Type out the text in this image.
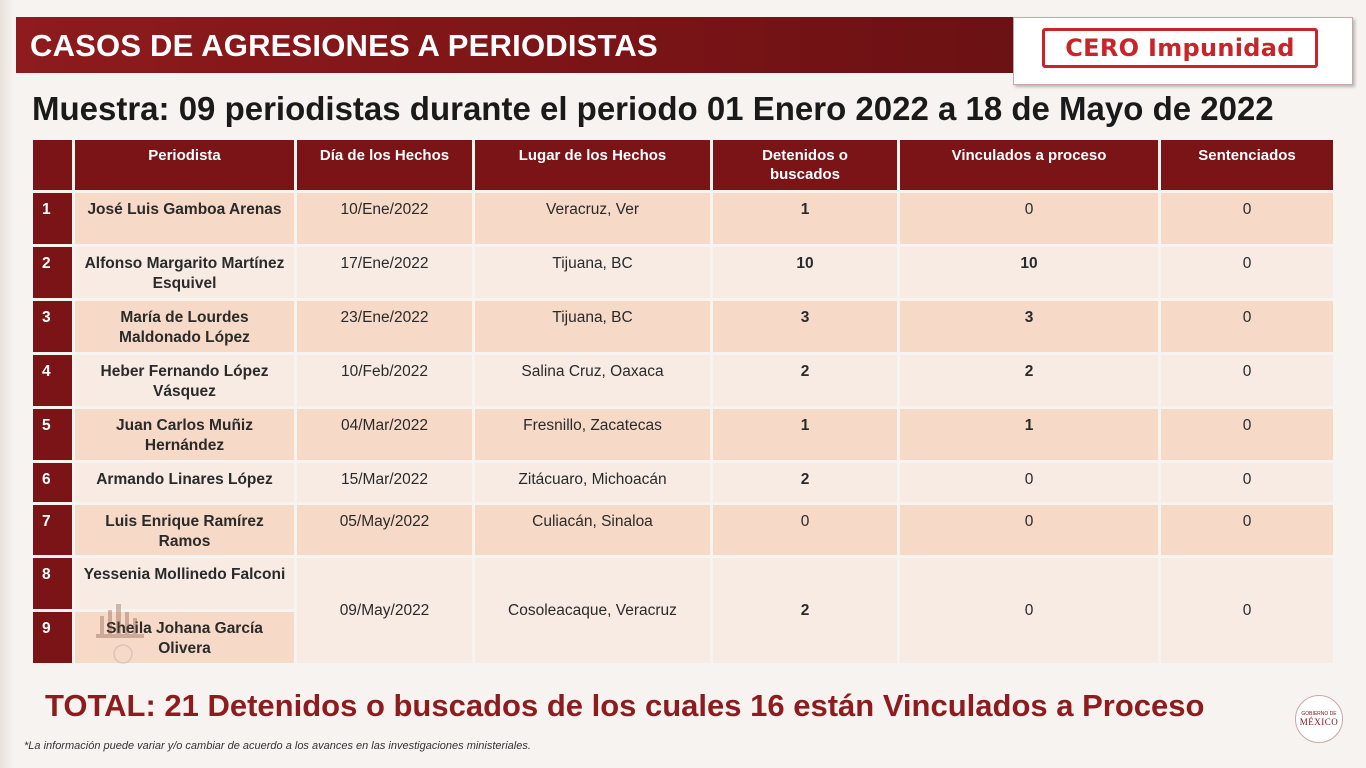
CASOS DE AGRESIONES A PERIODISTAS	CERO Impunidad
Muestra: 09 periodistas durante el periodo 01 Enero 2022 a 18 de Mayo de 2022
	Periodista	Día de los Hechos	Lugar de los Hechos	Detenidos o buscados	Vinculados a proceso	Sentenciados
1	José Luis Gamboa Arenas	10/Ene/2022	Veracruz, Ver	1	0	0
2	Alfonso Margarito Martínez Esquivel	17/Ene/2022	Tijuana, BC	10	10	0
3	María de Lourdes Maldonado López	23/Ene/2022	Tijuana, BC	3	3	0
4	Heber Fernando López Vásquez	10/Feb/2022	Salina Cruz, Oaxaca	2	2	0
5	Juan Carlos Muñiz Hernández	04/Mar/2022	Fresnillo, Zacatecas	1	1	0
6	Armando Linares López	15/Mar/2022	Zitácuaro, Michoacán	2	0	0
7	Luis Enrique Ramírez Ramos	05/May/2022	Culiacán, Sinaloa	0	0	0
8	Yessenia Mollinedo Falconi	09/May/2022	Cosoleacaque, Veracruz	2	0	0
9	Sheila Johana García Olivera					
TOTAL: 21 Detenidos o buscados de los cuales 16 están Vinculados a Proceso
*La información puede variar y/o cambiar de acuerdo a los avances en las investigaciones ministeriales.
GOBIERNO DE
MÉXICO
